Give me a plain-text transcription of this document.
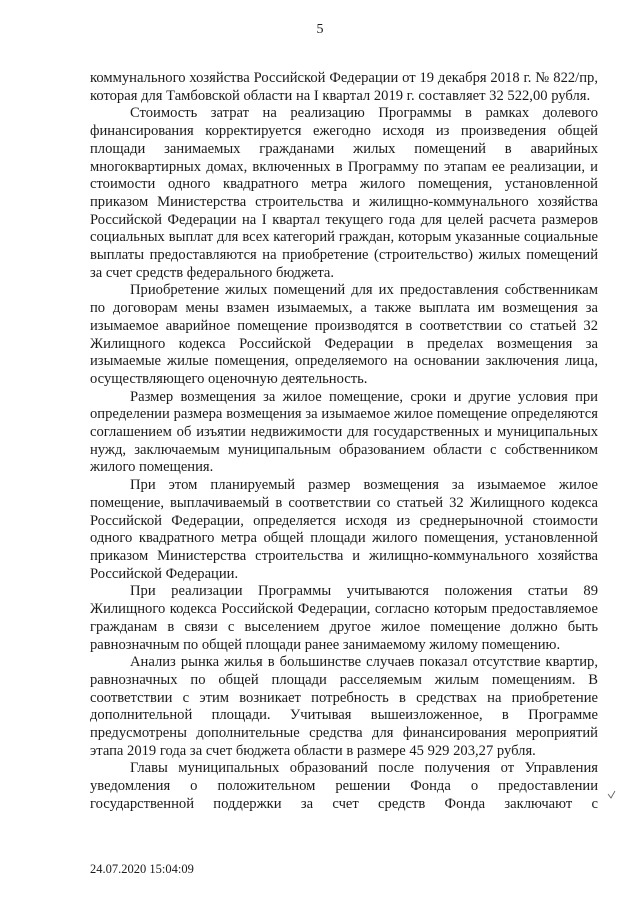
5

коммунального хозяйства Российской Федерации от 19 декабря 2018 г. № 822/пр, которая для Тамбовской области на I квартал 2019 г. составляет 32 522,00 рубля.

Стоимость затрат на реализацию Программы в рамках долевого финансирования корректируется ежегодно исходя из произведения общей площади занимаемых гражданами жилых помещений в аварийных многоквартирных домах, включенных в Программу по этапам ее реализации, и стоимости одного квадратного метра жилого помещения, установленной приказом Министерства строительства и жилищно-коммунального хозяйства Российской Федерации на I квартал текущего года для целей расчета размеров социальных выплат для всех категорий граждан, которым указанные социальные выплаты предоставляются на приобретение (строительство) жилых помещений за счет средств федерального бюджета.

Приобретение жилых помещений для их предоставления собственникам по договорам мены взамен изымаемых, а также выплата им возмещения за изымаемое аварийное помещение производятся в соответствии со статьей 32 Жилищного кодекса Российской Федерации в пределах возмещения за изымаемые жилые помещения, определяемого на основании заключения лица, осуществляющего оценочную деятельность.

Размер возмещения за жилое помещение, сроки и другие условия при определении размера возмещения за изымаемое жилое помещение определяются соглашением об изъятии недвижимости для государственных и муниципальных нужд, заключаемым муниципальным образованием области с собственником жилого помещения.

При этом планируемый размер возмещения за изымаемое жилое помещение, выплачиваемый в соответствии со статьей 32 Жилищного кодекса Российской Федерации, определяется исходя из среднерыночной стоимости одного квадратного метра общей площади жилого помещения, установленной приказом Министерства строительства и жилищно-коммунального хозяйства Российской Федерации.

При реализации Программы учитываются положения статьи 89 Жилищного кодекса Российской Федерации, согласно которым предоставляемое гражданам в связи с выселением другое жилое помещение должно быть равнозначным по общей площади ранее занимаемому жилому помещению.

Анализ рынка жилья в большинстве случаев показал отсутствие квартир, равнозначных по общей площади расселяемым жилым помещениям. В соответствии с этим возникает потребность в средствах на приобретение дополнительной площади. Учитывая вышеизложенное, в Программе предусмотрены дополнительные средства для финансирования мероприятий этапа 2019 года за счет бюджета области в размере 45 929 203,27 рубля.

Главы муниципальных образований после получения от Управления уведомления о положительном решении Фонда о предоставлении государственной поддержки за счет средств Фонда заключают с

24.07.2020 15:04:09
